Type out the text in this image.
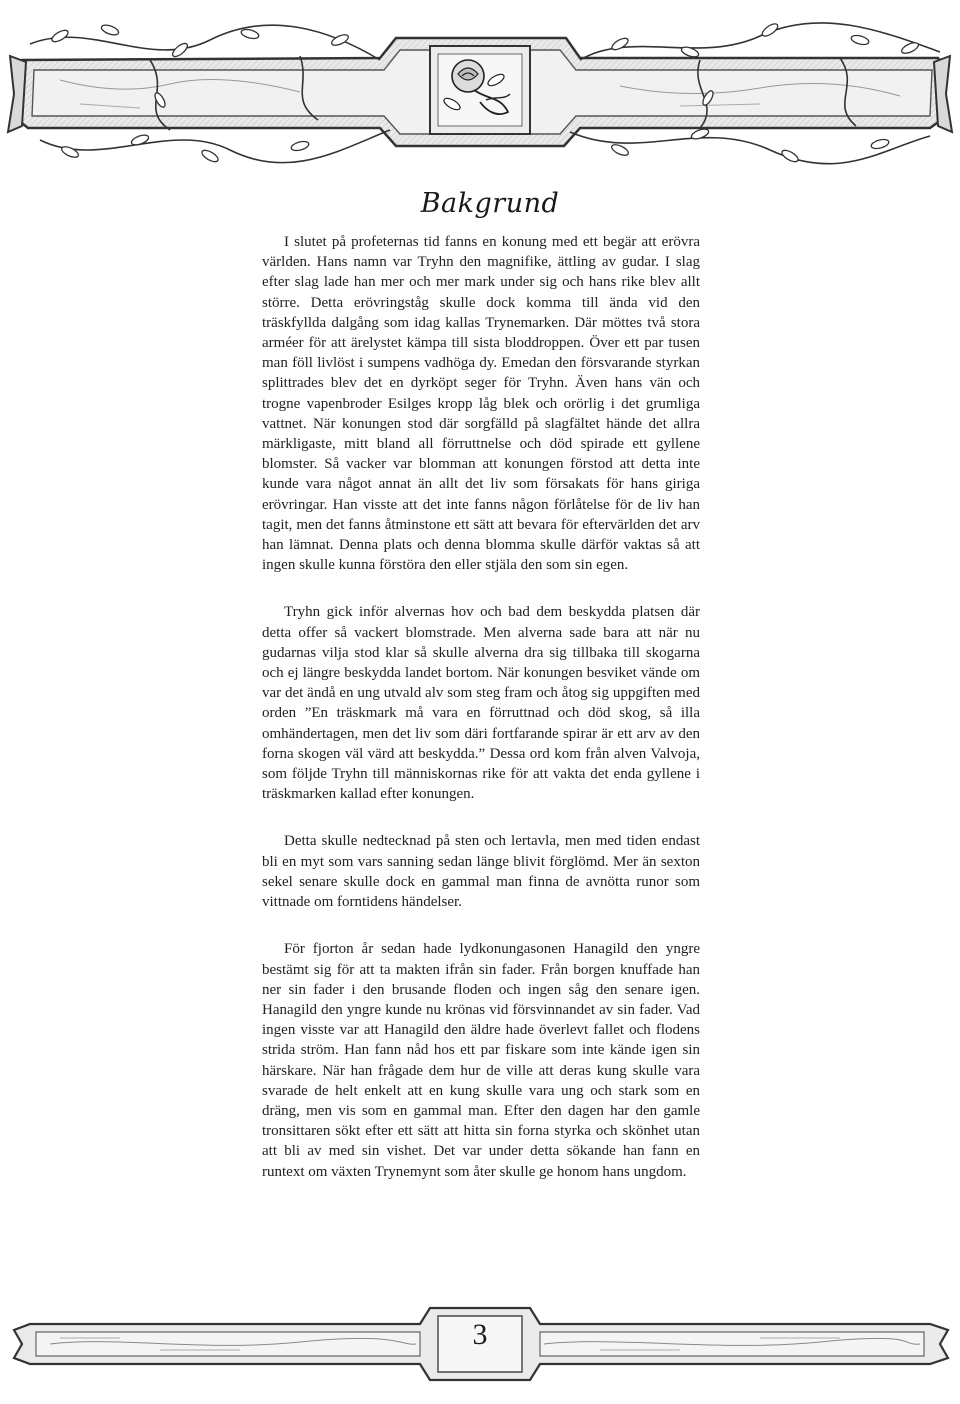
Bakgrund

I slutet på profeternas tid fanns en konung med ett begär att erövra världen. Hans namn var Tryhn den magnifike, ättling av gudar. I slag efter slag lade han mer och mer mark under sig och hans rike blev allt större. Detta erövringståg skulle dock komma till ända vid den träskfyllda dalgång som idag kallas Trynemarken. Där möttes två stora arméer för att ärelystet kämpa till sista bloddroppen. Över ett par tusen man föll livlöst i sumpens vadhöga dy. Emedan den försvarande styrkan splittrades blev det en dyrköpt seger för Tryhn. Även hans vän och trogne vapenbroder Esilges kropp låg blek och orörlig i det grumliga vattnet. När konungen stod där sorgfälld på slagfältet hände det allra märkligaste, mitt bland all förruttnelse och död spirade ett gyllene blomster. Så vacker var blomman att konungen förstod att detta inte kunde vara något annat än allt det liv som försakats för hans giriga erövringar. Han visste att det inte fanns någon förlåtelse för de liv han tagit, men det fanns åtminstone ett sätt att bevara för eftervärlden det arv han lämnat. Denna plats och denna blomma skulle därför vaktas så att ingen skulle kunna förstöra den eller stjäla den som sin egen.

Tryhn gick inför alvernas hov och bad dem beskydda platsen där detta offer så vackert blomstrade. Men alverna sade bara att när nu gudarnas vilja stod klar så skulle alverna dra sig tillbaka till skogarna och ej längre beskydda landet bortom. När konungen besviket vände om var det ändå en ung utvald alv som steg fram och åtog sig uppgiften med orden ”En träskmark må vara en förruttnad och död skog, så illa omhändertagen, men det liv som däri fortfarande spirar är ett arv av den forna skogen väl värd att beskydda.” Dessa ord kom från alven Valvoja, som följde Tryhn till människornas rike för att vakta det enda gyllene i träskmarken kallad efter konungen.

Detta skulle nedtecknad på sten och lertavla, men med tiden endast bli en myt som vars sanning sedan länge blivit förglömd. Mer än sexton sekel senare skulle dock en gammal man finna de avnötta runor som vittnade om forntidens händelser.

För fjorton år sedan hade lydkonungasonen Hanagild den yngre bestämt sig för att ta makten ifrån sin fader. Från borgen knuffade han ner sin fader i den brusande floden och ingen såg den senare igen. Hanagild den yngre kunde nu krönas vid försvinnandet av sin fader. Vad ingen visste var att Hanagild den äldre hade överlevt fallet och flodens strida ström. Han fann nåd hos ett par fiskare som inte kände igen sin härskare. När han frågade dem hur de ville att deras kung skulle vara svarade de helt enkelt att en kung skulle vara ung och stark som en dräng, men vis som en gammal man. Efter den dagen har den gamle tronsittaren sökt efter ett sätt att hitta sin forna styrka och skönhet utan att bli av med sin vishet. Det var under detta sökande han fann en runtext om växten Trynemynt som åter skulle ge honom hans ungdom.

3
